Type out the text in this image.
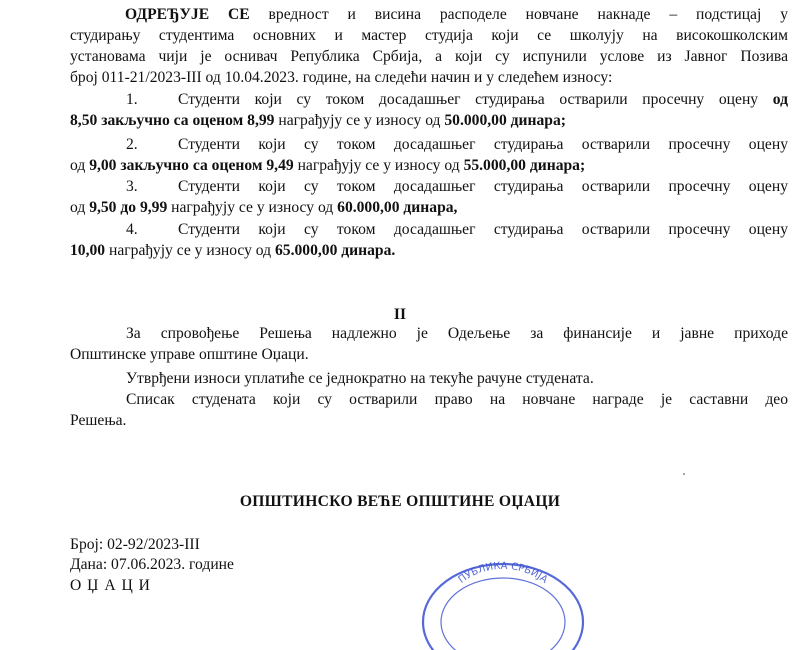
ОДРЕЂУЈЕ СЕ вредност и висина расподеле новчане накнаде – подстицај у
студирању студентима основних и мастер студија који се школују на високошколским
установама чији је оснивач Република Србија, а који су испунили услове из Јавног Позива
број 011-21/2023-III од 10.04.2023. године, на следећи начин и у следећем износу:
1.	Студенти који су током досадашњег студирања остварили просечну оцену од
8,50 закључно са оценом 8,99 награђују се у износу од 50.000,00 динара;
2.	Студенти који су током досадашњег студирања остварили просечну оцену
од 9,00 закључно са оценом 9,49 награђују се у износу од 55.000,00 динара;
3.	Студенти који су током досадашњег студирања остварили просечну оцену
од 9,50 до 9,99 награђују се у износу од 60.000,00 динара,
4.	Студенти који су током досадашњег студирања остварили просечну оцену
10,00 награђују се у износу од 65.000,00 динара.
II
За спровођење Решења надлежно је Одељење за финансије и јавне приходе
Општинске управе општине Оџаци.
Утврђени износи уплатиће се једнократно на текуће рачуне студената.
Списак студената који су остварили право на новчане награде је саставни део
Решења.
ОПШТИНСКО ВЕЋЕ ОПШТИНЕ ОЏАЦИ
Број: 02-92/2023-III
Дана: 07.06.2023. године
О Џ А Ц И	ПУБЛИКА СРБИЈА
